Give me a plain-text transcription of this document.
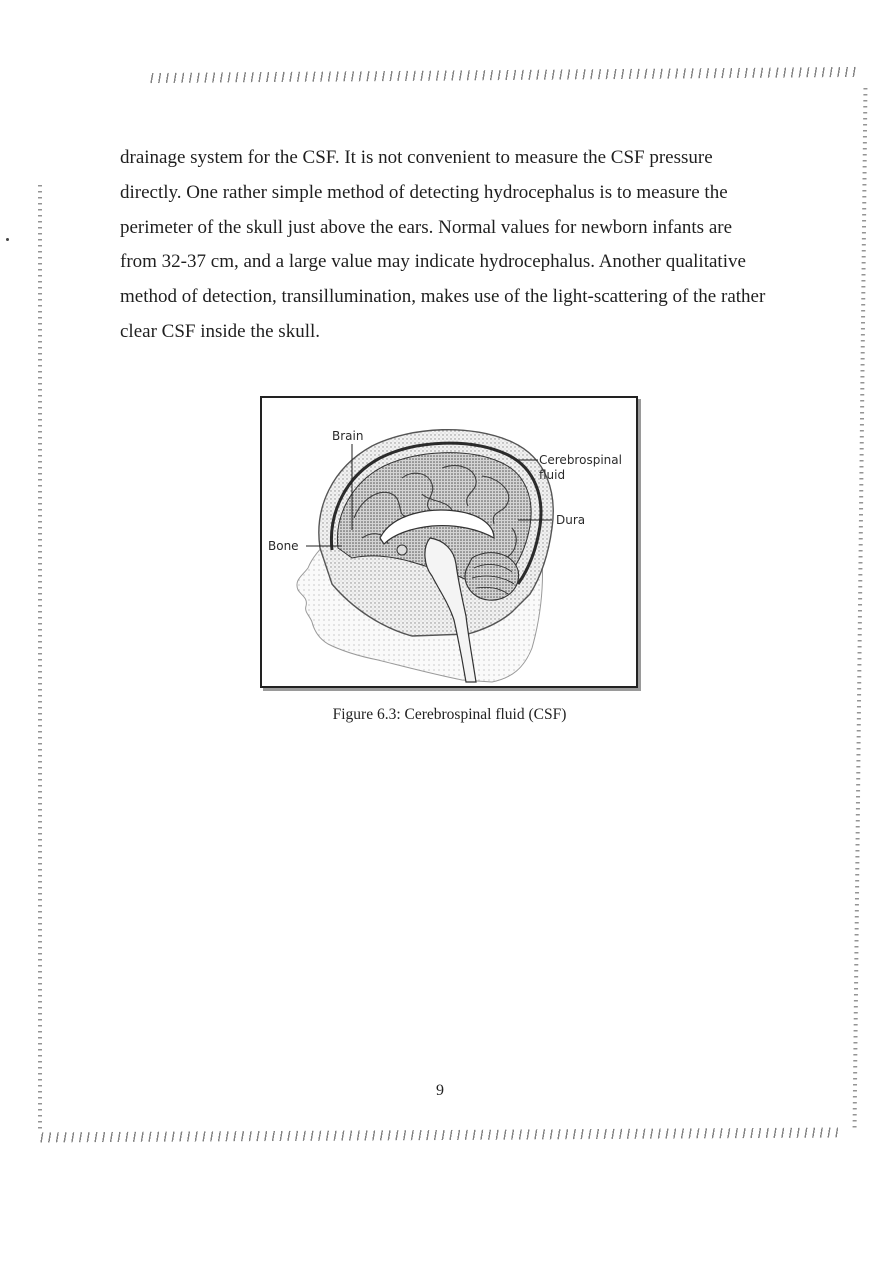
drainage system for the CSF. It is not convenient to measure the CSF pressure
directly. One rather simple method of detecting hydrocephalus is to measure the
perimeter of the skull just above the ears. Normal values for newborn infants are
from 32-37 cm, and a large value may indicate hydrocephalus. Another qualitative
method of detection, transillumination, makes use of the light-scattering of the rather
clear CSF inside the skull.

Brain
Cerebrospinal
fluid
Dura
Bone

Figure 6.3: Cerebrospinal fluid (CSF)

9
